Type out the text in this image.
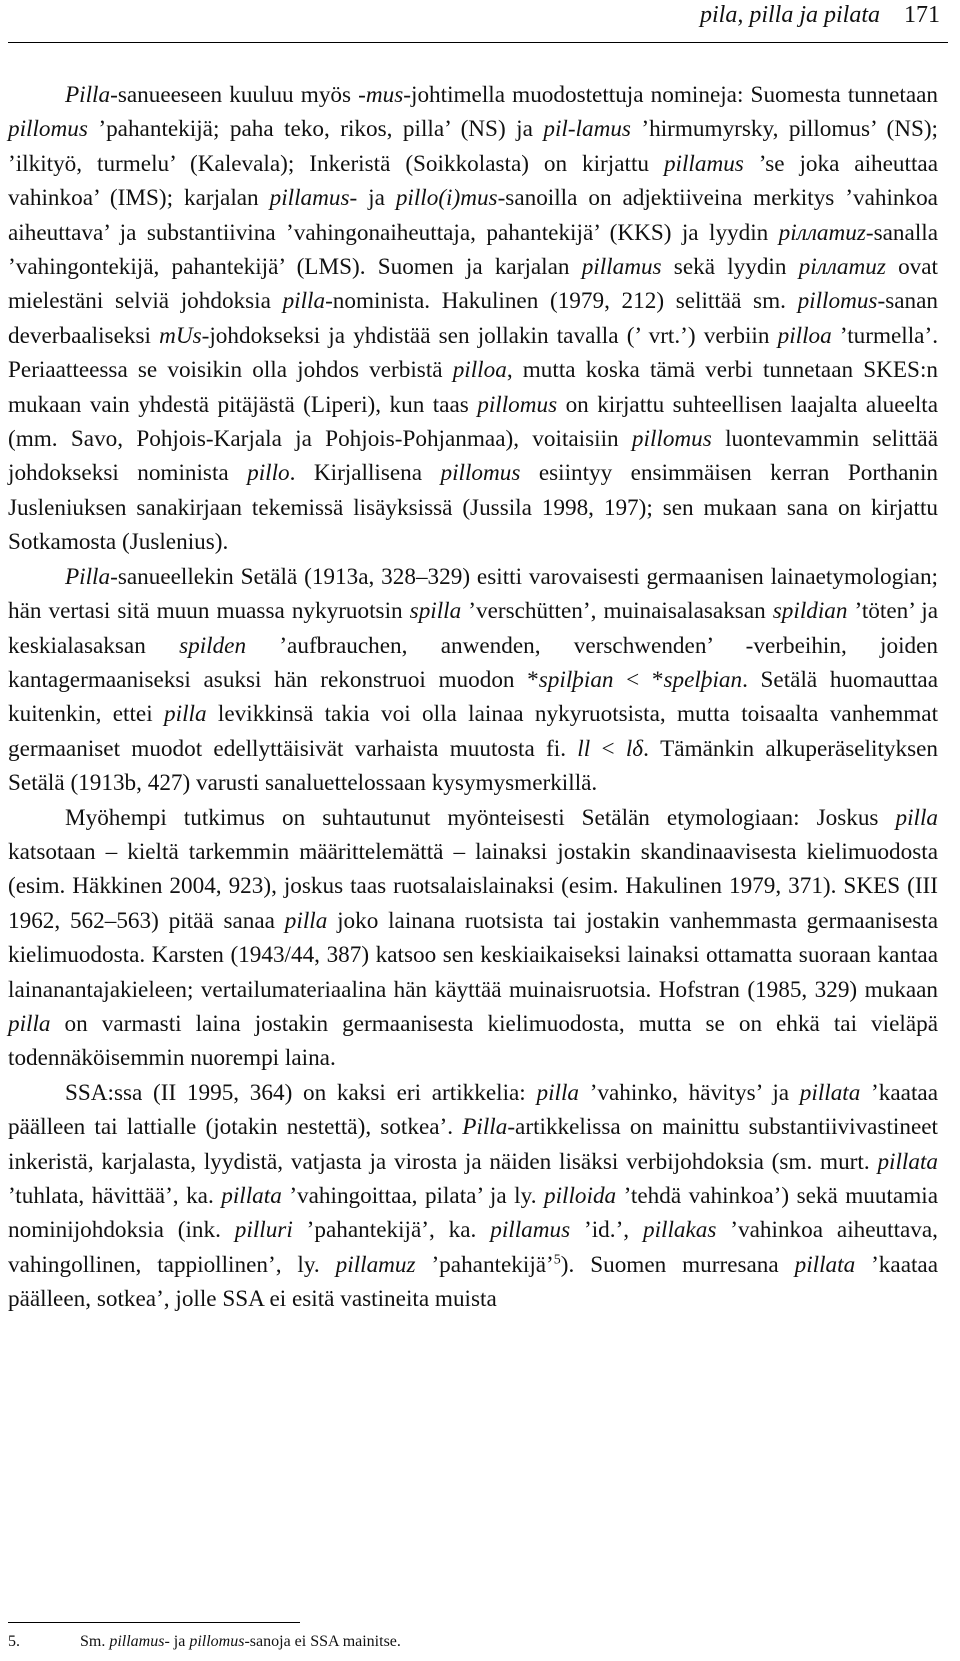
pila, pilla ja pilata 171

Pilla-sanueeseen kuuluu myös -mus-johtimella muodostettuja nomineja: Suomesta tunnetaan pillomus ’pahantekijä; paha teko, rikos, pilla’ (NS) ja pil-lamus ’hirmumyrsky, pillomus’ (NS); ’ilkityö, turmelu’ (Kalevala); Inkeristä (Soikkolasta) on kirjattu pillamus ’se joka aiheuttaa vahinkoa’ (IMS); karjalan pillamus- ja pillo(i)mus-sanoilla on adjektiiveina merkitys ’vahinkoa aiheuttava’ ja substantiivina ’vahingonaiheuttaja, pahantekijä’ (KKS) ja lyydin piллamuz-sanalla ’vahingontekijä, pahantekijä’ (LMS). Suomen ja karjalan pillamus sekä lyydin piллamuz ovat mielestäni selviä johdoksia pilla-nominista. Hakulinen (1979, 212) selittää sm. pillomus-sanan deverbaaliseksi mUs-johdokseksi ja yhdistää sen jollakin tavalla (’ vrt.’) verbiin pilloa ’turmella’. Periaatteessa se voisikin olla johdos verbistä pilloa, mutta koska tämä verbi tunnetaan SKES:n mukaan vain yhdestä pitäjästä (Liperi), kun taas pillomus on kirjattu suhteellisen laajalta alueelta (mm. Savo, Pohjois-Karjala ja Pohjois-Pohjanmaa), voitaisiin pillomus luontevammin selittää johdokseksi nominista pillo. Kirjallisena pillomus esiintyy ensimmäisen kerran Porthanin Jusleniuksen sanakirjaan tekemissä lisäyksissä (Jussila 1998, 197); sen mukaan sana on kirjattu Sotkamosta (Juslenius).

Pilla-sanueellekin Setälä (1913a, 328–329) esitti varovaisesti germaanisen lainaetymologian; hän vertasi sitä muun muassa nykyruotsin spilla ’verschütten’, muinaisalasaksan spildian ’töten’ ja keskialasaksan spilden ’aufbrauchen, anwenden, verschwenden’ -verbeihin, joiden kantagermaaniseksi asuksi hän rekonstruoi muodon *spilþian < *spelþian. Setälä huomauttaa kuitenkin, ettei pilla levikkinsä takia voi olla lainaa nykyruotsista, mutta toisaalta vanhemmat germaaniset muodot edellyttäisivät varhaista muutosta fi. ll < lδ. Tämänkin alkuperäselityksen Setälä (1913b, 427) varusti sanaluettelossaan kysymysmerkillä.

Myöhempi tutkimus on suhtautunut myönteisesti Setälän etymologiaan: Joskus pilla katsotaan – kieltä tarkemmin määrittelemättä – lainaksi jostakin skandinaavisesta kielimuodosta (esim. Häkkinen 2004, 923), joskus taas ruotsalaislainaksi (esim. Hakulinen 1979, 371). SKES (III 1962, 562–563) pitää sanaa pilla joko lainana ruotsista tai jostakin vanhemmasta germaanisesta kielimuodosta. Karsten (1943/44, 387) katsoo sen keskiaikaiseksi lainaksi ottamatta suoraan kantaa lainanantajakieleen; vertailumateriaalina hän käyttää muinaisruotsia. Hofstran (1985, 329) mukaan pilla on varmasti laina jostakin germaanisesta kielimuodosta, mutta se on ehkä tai vieläpä todennäköisemmin nuorempi laina.

SSA:ssa (II 1995, 364) on kaksi eri artikkelia: pilla ’vahinko, hävitys’ ja pillata ’kaataa päälleen tai lattialle (jotakin nestettä), sotkea’. Pilla-artikkelissa on mainittu substantiivivastineet inkeristä, karjalasta, lyydistä, vatjasta ja virosta ja näiden lisäksi verbijohdoksia (sm. murt. pillata ’tuhlata, hävittää’, ka. pillata ’vahingoittaa, pilata’ ja ly. pilloida ’tehdä vahinkoa’) sekä muutamia nominijohdoksia (ink. pilluri ’pahantekijä’, ka. pillamus ’id.’, pillakas ’vahinkoa aiheuttava, vahingollinen, tappiollinen’, ly. pillamuz ’pahantekijä’$^5$). Suomen murresana pillata ’kaataa päälleen, sotkea’, jolle SSA ei esitä vastineita muista

5.	Sm. pillamus- ja pillomus-sanoja ei SSA mainitse.
